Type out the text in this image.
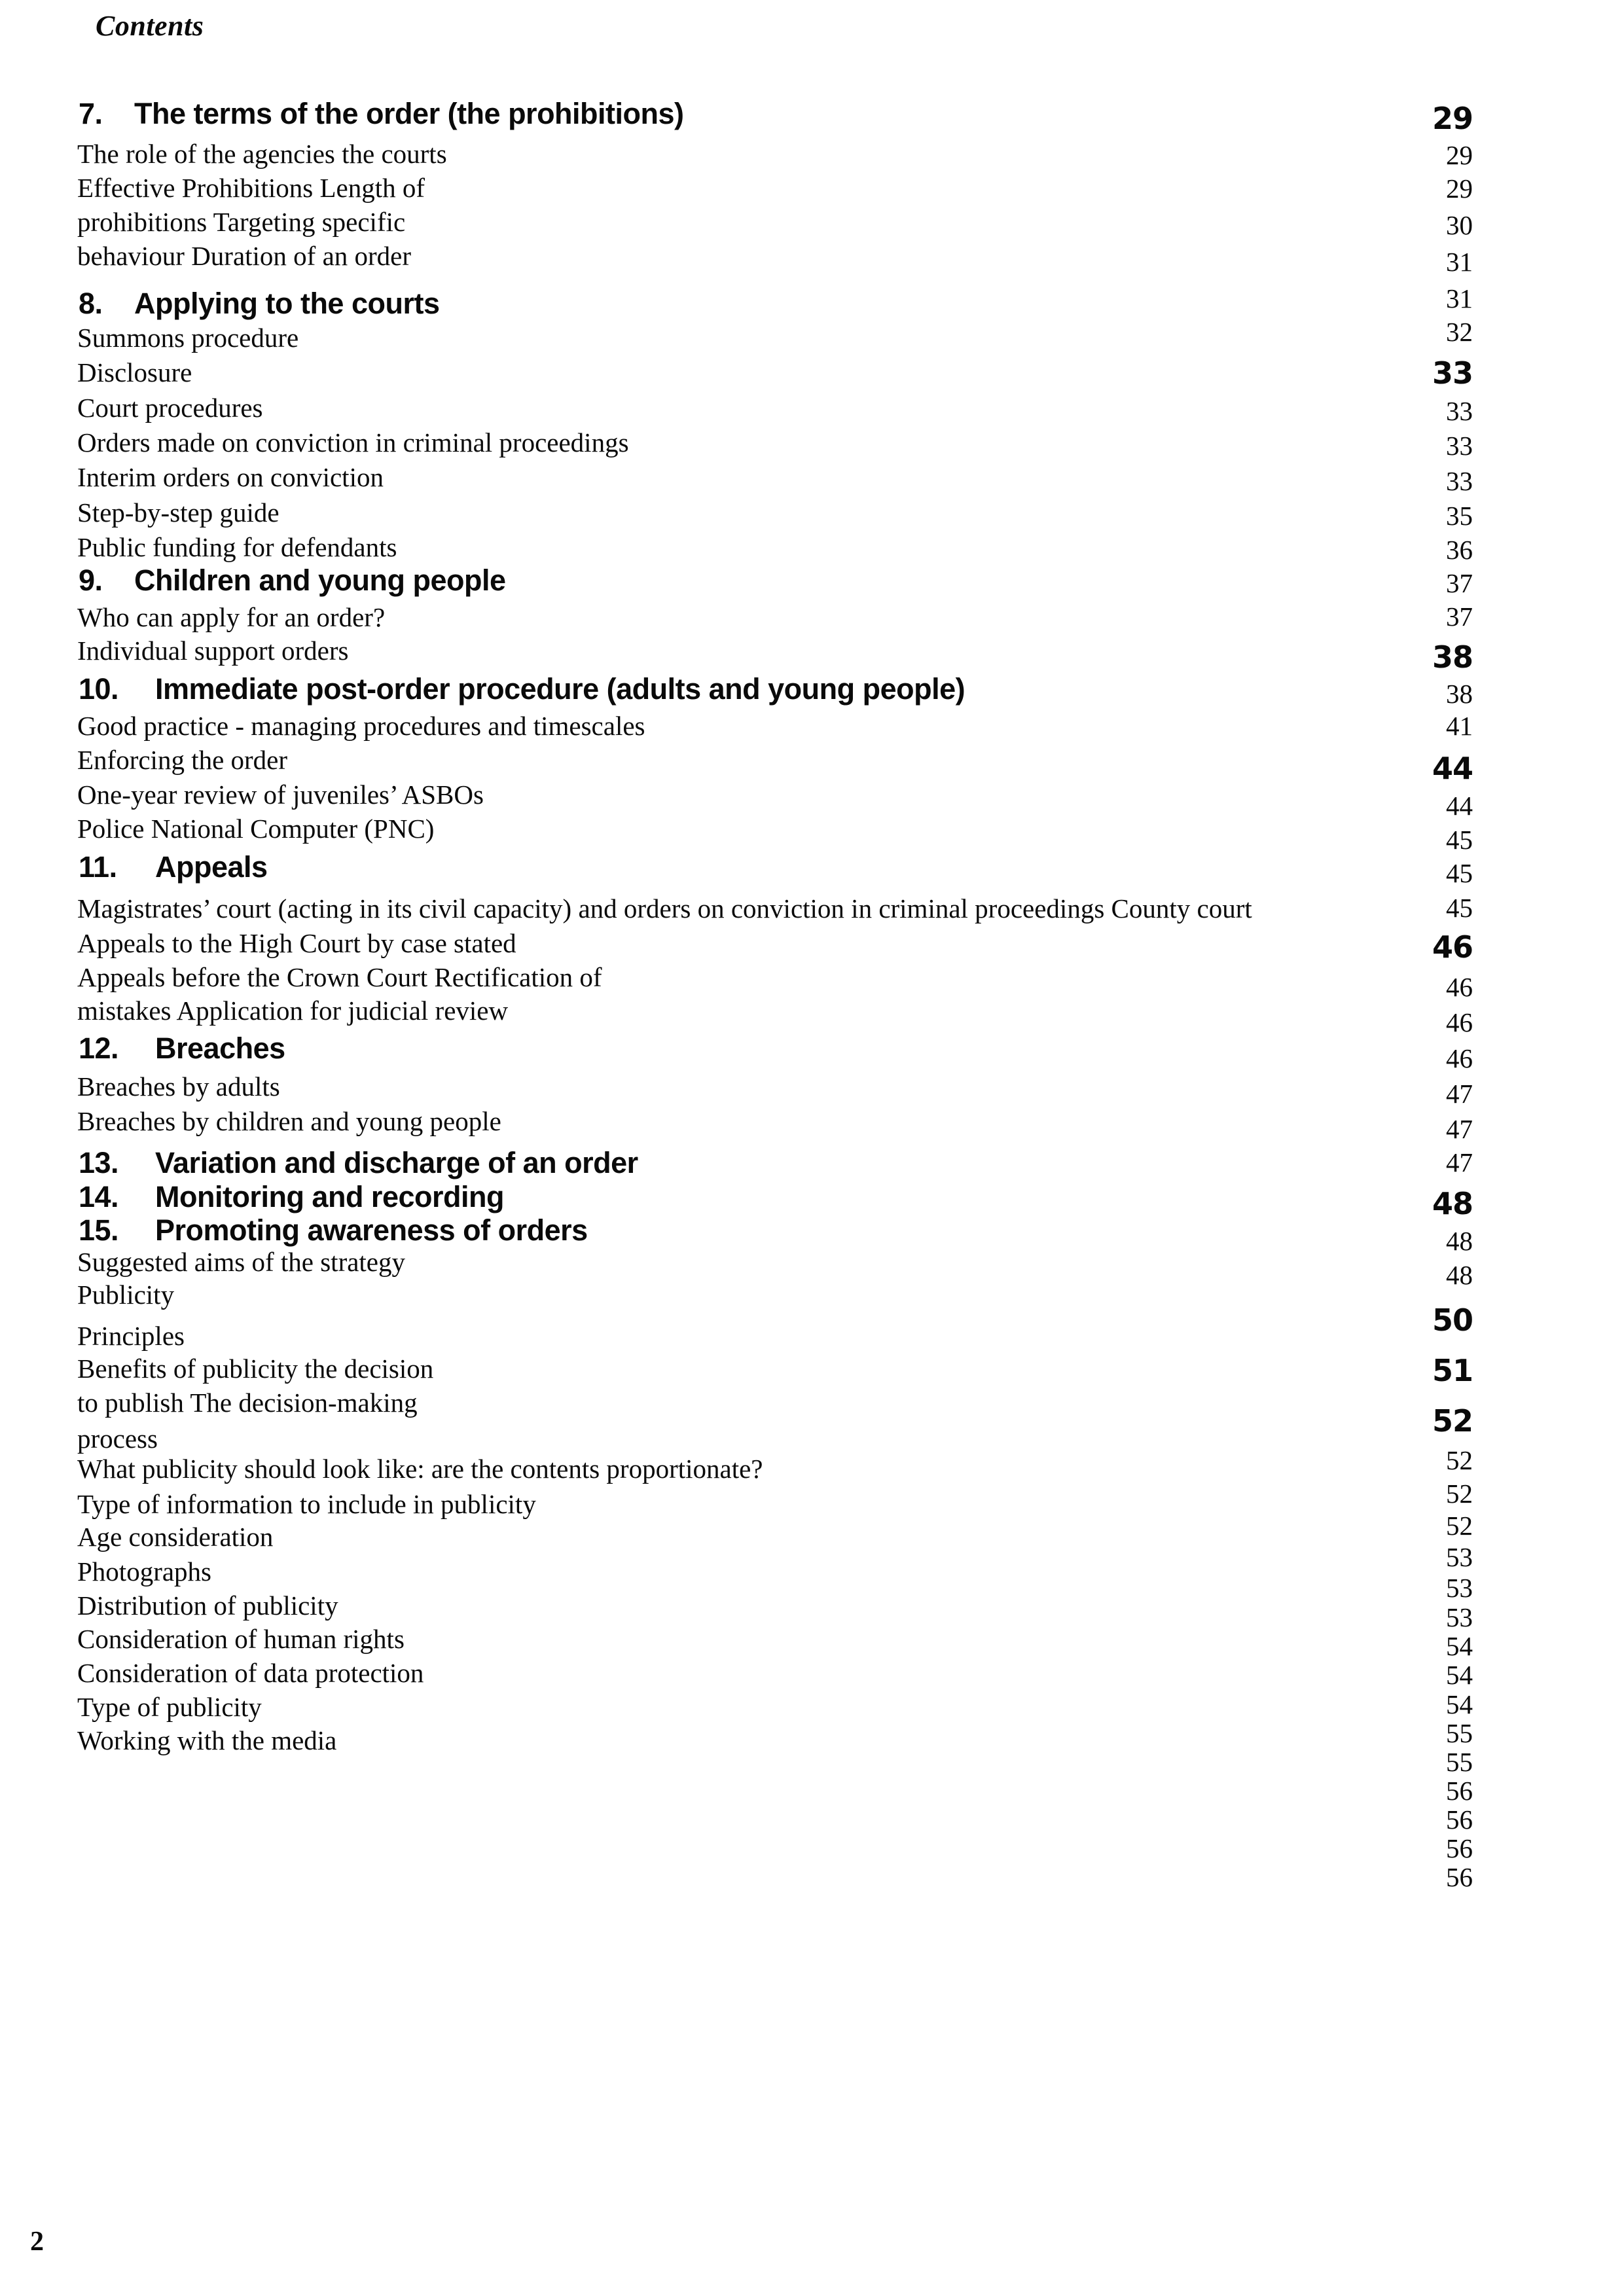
Contents
7. The terms of the order (the prohibitions)
The role of the agencies the courts
Effective Prohibitions Length of
prohibitions Targeting specific
behaviour Duration of an order
8. Applying to the courts
Summons procedure
Disclosure
Court procedures
Orders made on conviction in criminal proceedings
Interim orders on conviction
Step-by-step guide
Public funding for defendants
9. Children and young people
Who can apply for an order?
Individual support orders
10. Immediate post-order procedure (adults and young people)
Good practice - managing procedures and timescales
Enforcing the order
One-year review of juveniles’ ASBOs
Police National Computer (PNC)
11. Appeals
Magistrates’ court (acting in its civil capacity) and orders on conviction in criminal proceedings County court
Appeals to the High Court by case stated
Appeals before the Crown Court Rectification of
mistakes Application for judicial review
12. Breaches
Breaches by adults
Breaches by children and young people
13. Variation and discharge of an order
14. Monitoring and recording
15. Promoting awareness of orders
Suggested aims of the strategy
Publicity
Principles
Benefits of publicity the decision
to publish The decision-making
process
What publicity should look like: are the contents proportionate?
Type of information to include in publicity
Age consideration
Photographs
Distribution of publicity
Consideration of human rights
Consideration of data protection
Type of publicity
Working with the media
29
29
29
30
31
31
32
33
33
33
33
35
36
37
37
38
38
41
44
44
45
45
45
46
46
46
46
47
47
47
48
48
48
50
51
52
52
52
52
53
53
53
54
54
54
55
55
56
56
56
56
2
